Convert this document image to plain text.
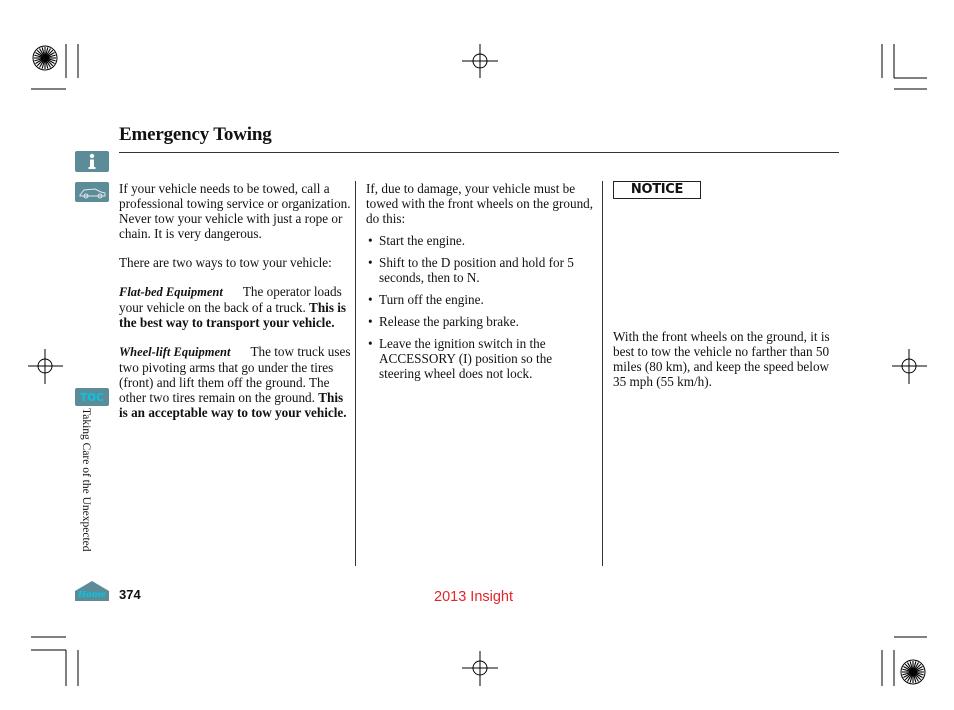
Emergency Towing
TOC
Taking Care of the Unexpected
Home

If your vehicle needs to be towed, call a professional towing service or organization. Never tow your vehicle with just a rope or chain. It is very dangerous.

There are two ways to tow your vehicle:

Flat-bed Equipment The operator loads your vehicle on the back of a truck. This is the best way to transport your vehicle.

Wheel-lift Equipment The tow truck uses two pivoting arms that go under the tires (front) and lift them off the ground. The other two tires remain on the ground. This is an acceptable way to tow your vehicle.

If, due to damage, your vehicle must be towed with the front wheels on the ground, do this:

• Start the engine.
• Shift to the D position and hold for 5 seconds, then to N.
• Turn off the engine.
• Release the parking brake.
• Leave the ignition switch in the ACCESSORY (I) position so the steering wheel does not lock.
NOTICE
With the front wheels on the ground, it is best to tow the vehicle no farther than 50 miles (80 km), and keep the speed below 35 mph (55 km/h).
374	2013 Insight
